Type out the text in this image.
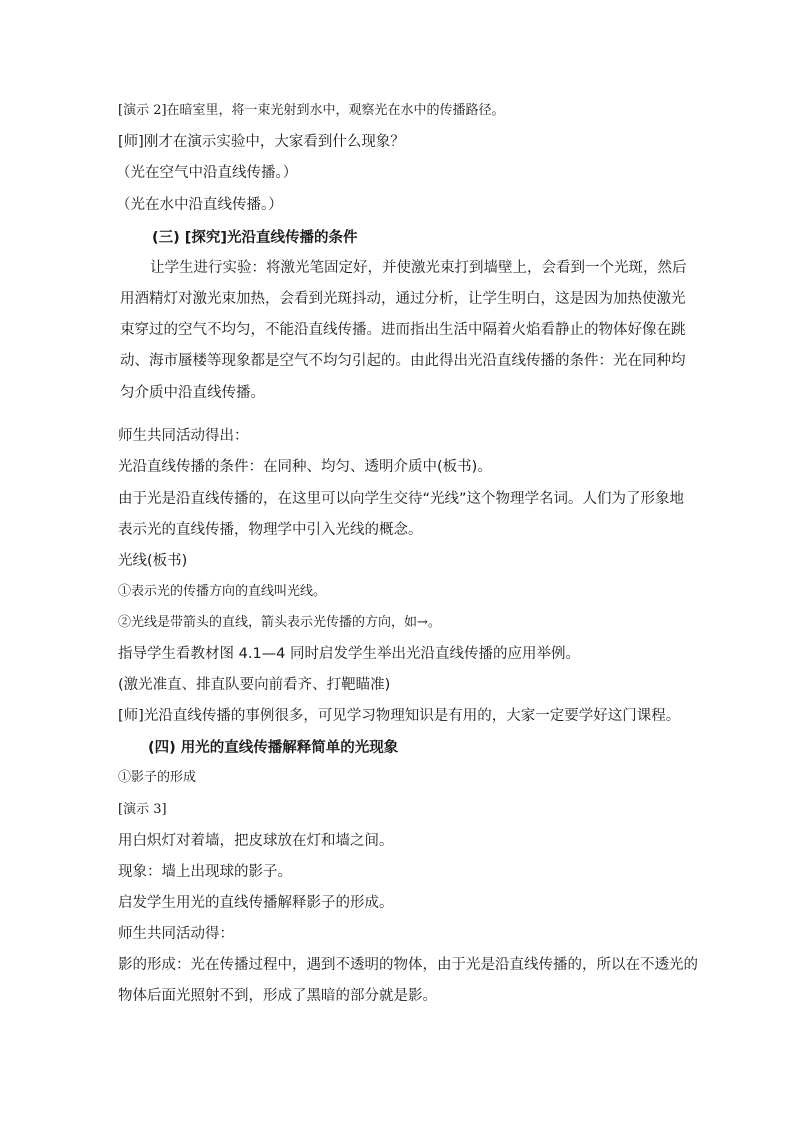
[演示 2]在暗室里，将一束光射到水中，观察光在水中的传播路径。
[师]刚才在演示实验中，大家看到什么现象？
（光在空气中沿直线传播。）
（光在水中沿直线传播。）
(三) [探究]光沿直线传播的条件
让学生进行实验：将激光笔固定好，并使激光束打到墙壁上，会看到一个光斑，然后
用酒精灯对激光束加热，会看到光斑抖动，通过分析，让学生明白，这是因为加热使激光
束穿过的空气不均匀，不能沿直线传播。进而指出生活中隔着火焰看静止的物体好像在跳
动、海市蜃楼等现象都是空气不均匀引起的。由此得出光沿直线传播的条件：光在同种均
匀介质中沿直线传播。
师生共同活动得出：
光沿直线传播的条件：在同种、均匀、透明介质中(板书)。
由于光是沿直线传播的，在这里可以向学生交待“光线”这个物理学名词。人们为了形象地
表示光的直线传播，物理学中引入光线的概念。
光线(板书)
①表示光的传播方向的直线叫光线。
②光线是带箭头的直线，箭头表示光传播的方向，如→。
指导学生看教材图 4.1—4 同时启发学生举出光沿直线传播的应用举例。
(激光准直、排直队要向前看齐、打靶瞄准)
[师]光沿直线传播的事例很多，可见学习物理知识是有用的，大家一定要学好这门课程。
(四) 用光的直线传播解释简单的光现象
①影子的形成
[演示 3]
用白炽灯对着墙，把皮球放在灯和墙之间。
现象：墙上出现球的影子。
启发学生用光的直线传播解释影子的形成。
师生共同活动得：
影的形成：光在传播过程中，遇到不透明的物体，由于光是沿直线传播的，所以在不透光的
物体后面光照射不到，形成了黑暗的部分就是影。
